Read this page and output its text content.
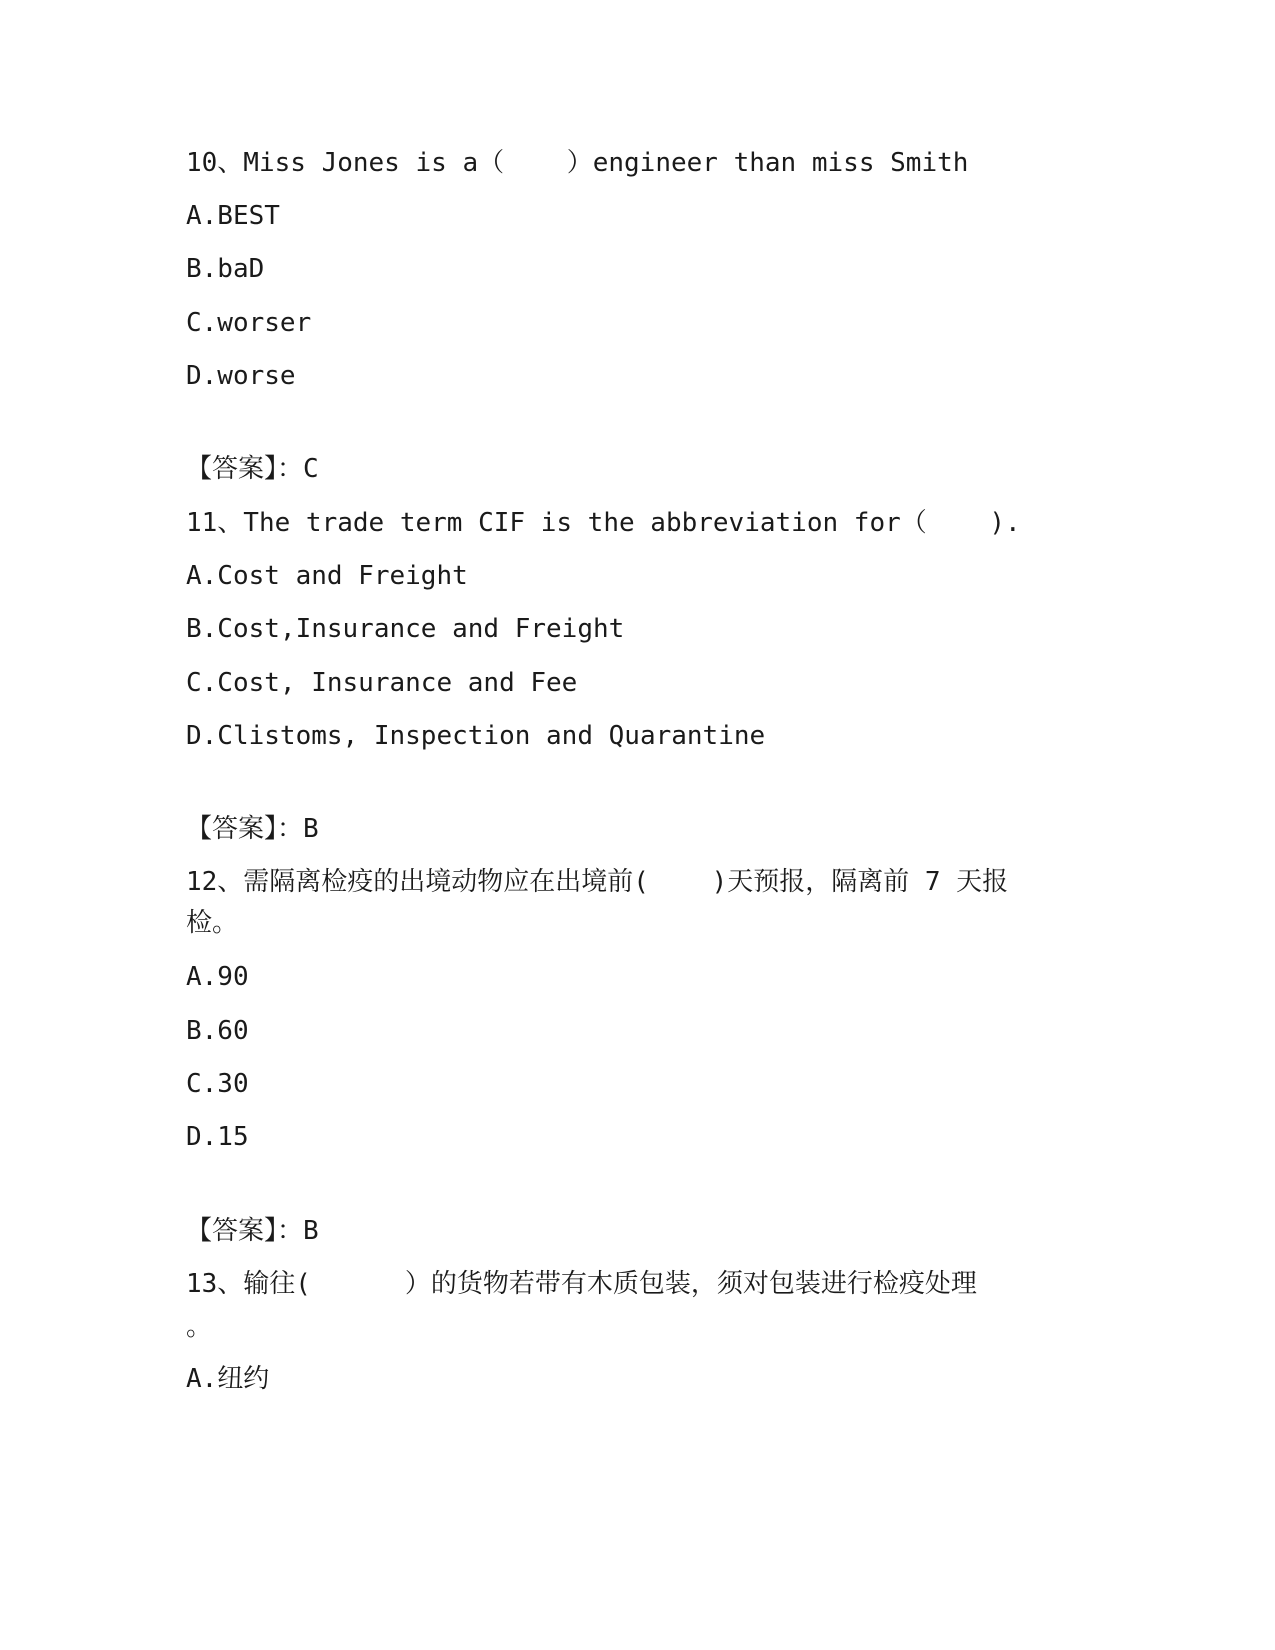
10、Miss Jones is a（    ）engineer than miss Smith
A.BEST
B.baD
C.worser
D.worse
【答案】：C
11、The trade term CIF is the abbreviation for（    ).
A.Cost and Freight
B.Cost,Insurance and Freight
C.Cost, Insurance and Fee
D.Clistoms, Inspection and Quarantine
【答案】：B
12、需隔离检疫的出境动物应在出境前(    )天预报，隔离前 7 天报
检。
A.90
B.60
C.30
D.15
【答案】：B
13、输往(      ）的货物若带有木质包装，须对包装进行检疫处理
。
A.纽约
